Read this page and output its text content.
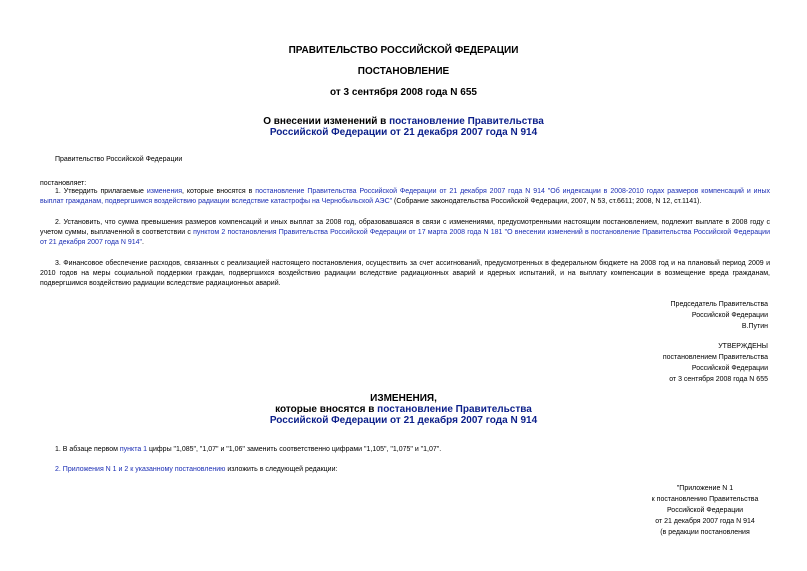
ПРАВИТЕЛЬСТВО РОССИЙСКОЙ ФЕДЕРАЦИИ
ПОСТАНОВЛЕНИЕ
от 3 сентября 2008 года N 655
О внесении изменений в постановление Правительства
Российской Федерации от 21 декабря 2007 года N 914
Правительство Российской Федерации
постановляет:
1. Утвердить прилагаемые изменения, которые вносятся в постановление Правительства Российской Федерации от 21 декабря 2007 года N 914 "Об индексации в 2008-2010 годах размеров компенсаций и иных выплат гражданам, подвергшимся воздействию радиации вследствие катастрофы на Чернобыльской АЭС" (Собрание законодательства Российской Федерации, 2007, N 53, ст.6611; 2008, N 12, ст.1141).
2. Установить, что сумма превышения размеров компенсаций и иных выплат за 2008 год, образовавшаяся в связи с изменениями, предусмотренными настоящим постановлением, подлежит выплате в 2008 году с учетом суммы, выплаченной в соответствии с пунктом 2 постановления Правительства Российской Федерации от 17 марта 2008 года N 181 "О внесении изменений в постановление Правительства Российской Федерации от 21 декабря 2007 года N 914".
3. Финансовое обеспечение расходов, связанных с реализацией настоящего постановления, осуществить за счет ассигнований, предусмотренных в федеральном бюджете на 2008 год и на плановый период 2009 и 2010 годов на меры социальной поддержки граждан, подвергшихся воздействию радиации вследствие радиационных аварий и ядерных испытаний, и на выплату компенсации в возмещение вреда гражданам, подвергшимся воздействию радиации вследствие радиационных аварий.
Председатель Правительства
Российской Федерации
В.Путин
УТВЕРЖДЕНЫ
постановлением Правительства
Российской Федерации
от 3 сентября 2008 года N 655
ИЗМЕНЕНИЯ,
которые вносятся в постановление Правительства
Российской Федерации от 21 декабря 2007 года N 914
1. В абзаце первом пункта 1 цифры "1,085", "1,07" и "1,06" заменить соответственно цифрами "1,105", "1,075" и "1,07".
2. Приложения N 1 и 2 к указанному постановлению изложить в следующей редакции:
"Приложение N 1
к постановлению Правительства
Российской Федерации
от 21 декабря 2007 года N 914
(в редакции постановления
